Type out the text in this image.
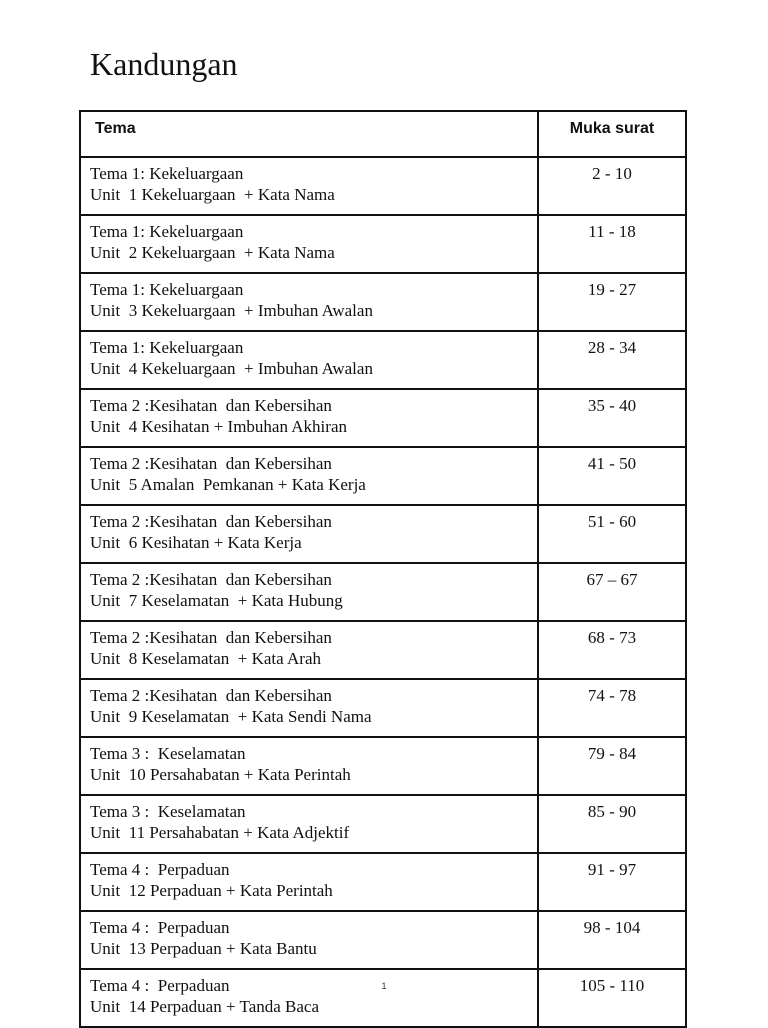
Kandungan
Tema	Muka surat

Tema 1: Kekeluargaan
Unit  1 Kekeluargaan  + Kata Nama	2 - 10

Tema 1: Kekeluargaan
Unit  2 Kekeluargaan  + Kata Nama	11 - 18

Tema 1: Kekeluargaan
Unit  3 Kekeluargaan  + Imbuhan Awalan	19 - 27

Tema 1: Kekeluargaan
Unit  4 Kekeluargaan  + Imbuhan Awalan	28 - 34

Tema 2 :Kesihatan  dan Kebersihan
Unit  4 Kesihatan + Imbuhan Akhiran	35 - 40

Tema 2 :Kesihatan  dan Kebersihan
Unit  5 Amalan  Pemkanan + Kata Kerja	41 - 50

Tema 2 :Kesihatan  dan Kebersihan
Unit  6 Kesihatan + Kata Kerja	51 - 60

Tema 2 :Kesihatan  dan Kebersihan
Unit  7 Keselamatan  + Kata Hubung	67 – 67

Tema 2 :Kesihatan  dan Kebersihan
Unit  8 Keselamatan  + Kata Arah	68 - 73

Tema 2 :Kesihatan  dan Kebersihan
Unit  9 Keselamatan  + Kata Sendi Nama	74 - 78

Tema 3 :  Keselamatan
Unit  10 Persahabatan + Kata Perintah	79 - 84

Tema 3 :  Keselamatan
Unit  11 Persahabatan + Kata Adjektif	85 - 90

Tema 4 :  Perpaduan
Unit  12 Perpaduan + Kata Perintah	91 - 97

Tema 4 :  Perpaduan
Unit  13 Perpaduan + Kata Bantu	98 - 104

Tema 4 :  Perpaduan
Unit  14 Perpaduan + Tanda Baca	105 - 110
1
